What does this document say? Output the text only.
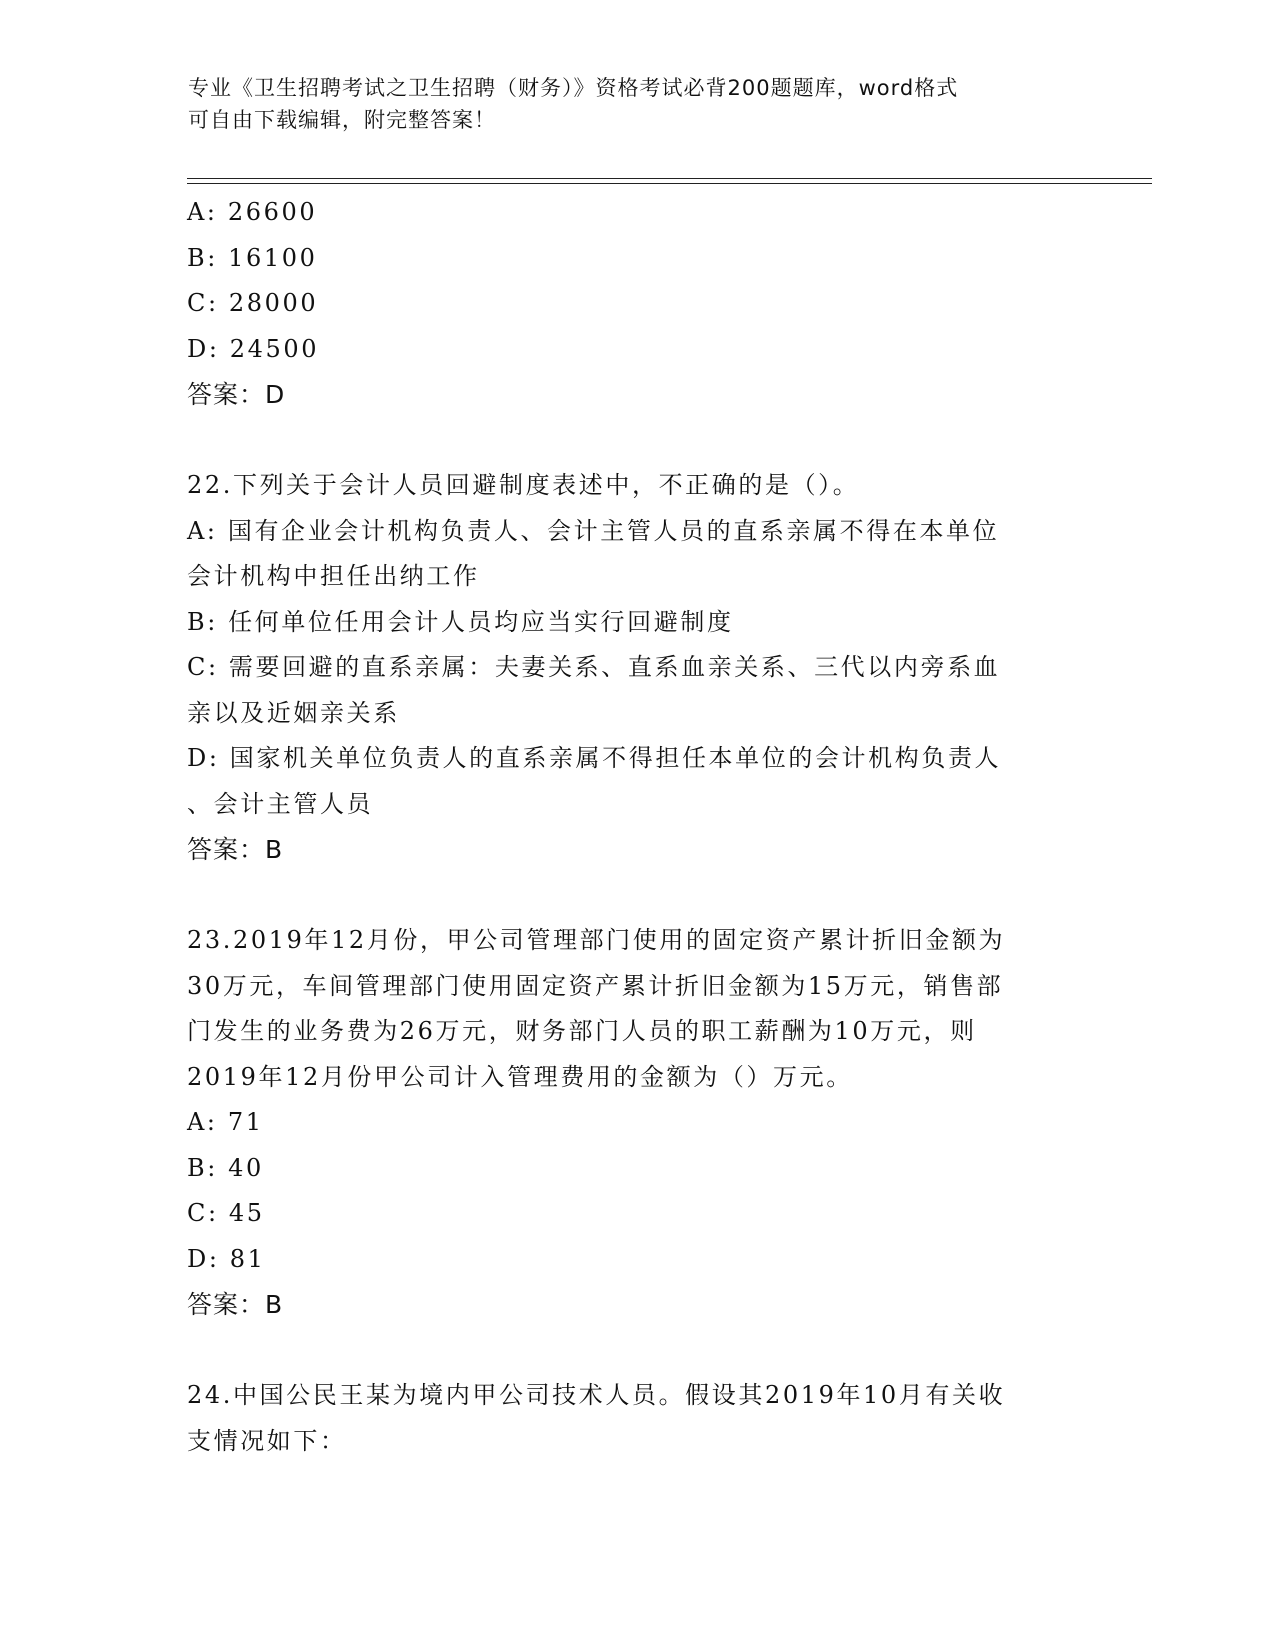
专业《卫生招聘考试之卫生招聘（财务）》资格考试必背200题题库，word格式
可自由下载编辑，附完整答案！
A: 26600
B: 16100
C: 28000
D: 24500
答案：D
22.下列关于会计人员回避制度表述中，不正确的是（）。
A: 国有企业会计机构负责人、会计主管人员的直系亲属不得在本单位
会计机构中担任出纳工作
B: 任何单位任用会计人员均应当实行回避制度
C: 需要回避的直系亲属：夫妻关系、直系血亲关系、三代以内旁系血
亲以及近姻亲关系
D: 国家机关单位负责人的直系亲属不得担任本单位的会计机构负责人
、会计主管人员
答案：B
23.2019年12月份，甲公司管理部门使用的固定资产累计折旧金额为
30万元，车间管理部门使用固定资产累计折旧金额为15万元，销售部
门发生的业务费为26万元，财务部门人员的职工薪酬为10万元，则
2019年12月份甲公司计入管理费用的金额为（）万元。
A: 71
B: 40
C: 45
D: 81
答案：B
24.中国公民王某为境内甲公司技术人员。假设其2019年10月有关收
支情况如下：
